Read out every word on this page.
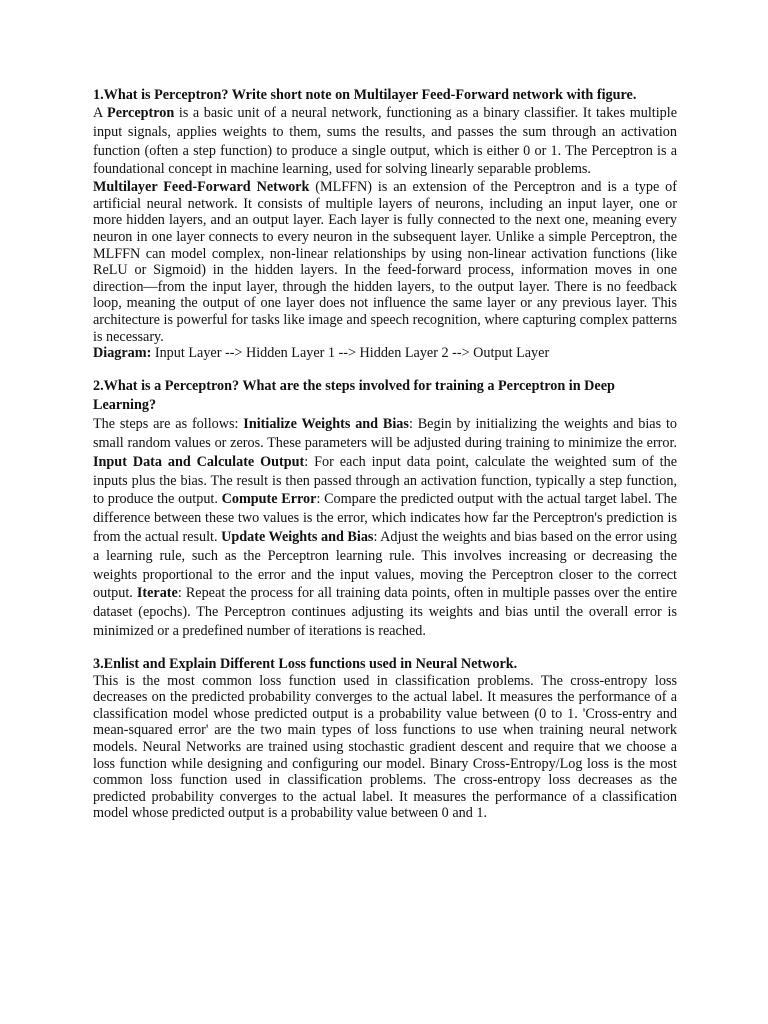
1.What is Perceptron? Write short note on Multilayer Feed-Forward network with figure.

A Perceptron is a basic unit of a neural network, functioning as a binary classifier. It takes multiple input signals, applies weights to them, sums the results, and passes the sum through an activation function (often a step function) to produce a single output, which is either 0 or 1. The Perceptron is a foundational concept in machine learning, used for solving linearly separable problems.

Multilayer Feed-Forward Network (MLFFN) is an extension of the Perceptron and is a type of artificial neural network. It consists of multiple layers of neurons, including an input layer, one or more hidden layers, and an output layer. Each layer is fully connected to the next one, meaning every neuron in one layer connects to every neuron in the subsequent layer. Unlike a simple Perceptron, the MLFFN can model complex, non-linear relationships by using non-linear activation functions (like ReLU or Sigmoid) in the hidden layers. In the feed-forward process, information moves in one direction—from the input layer, through the hidden layers, to the output layer. There is no feedback loop, meaning the output of one layer does not influence the same layer or any previous layer. This architecture is powerful for tasks like image and speech recognition, where capturing complex patterns is necessary.

Diagram: Input Layer --> Hidden Layer 1 --> Hidden Layer 2 --> Output Layer

2.What is a Perceptron? What are the steps involved for training a Perceptron in Deep Learning?

The steps are as follows: Initialize Weights and Bias: Begin by initializing the weights and bias to small random values or zeros. These parameters will be adjusted during training to minimize the error. Input Data and Calculate Output: For each input data point, calculate the weighted sum of the inputs plus the bias. The result is then passed through an activation function, typically a step function, to produce the output. Compute Error: Compare the predicted output with the actual target label. The difference between these two values is the error, which indicates how far the Perceptron's prediction is from the actual result. Update Weights and Bias: Adjust the weights and bias based on the error using a learning rule, such as the Perceptron learning rule. This involves increasing or decreasing the weights proportional to the error and the input values, moving the Perceptron closer to the correct output. Iterate: Repeat the process for all training data points, often in multiple passes over the entire dataset (epochs). The Perceptron continues adjusting its weights and bias until the overall error is minimized or a predefined number of iterations is reached.

3.Enlist and Explain Different Loss functions used in Neural Network.

This is the most common loss function used in classification problems. The cross-entropy loss decreases on the predicted probability converges to the actual label. It measures the performance of a classification model whose predicted output is a probability value between (0 to 1. 'Cross-entry and mean-squared error' are the two main types of loss functions to use when training neural network models. Neural Networks are trained using stochastic gradient descent and require that we choose a loss function while designing and configuring our model. Binary Cross-Entropy/Log loss is the most common loss function used in classification problems. The cross-entropy loss decreases as the predicted probability converges to the actual label. It measures the performance of a classification model whose predicted output is a probability value between 0 and 1.
